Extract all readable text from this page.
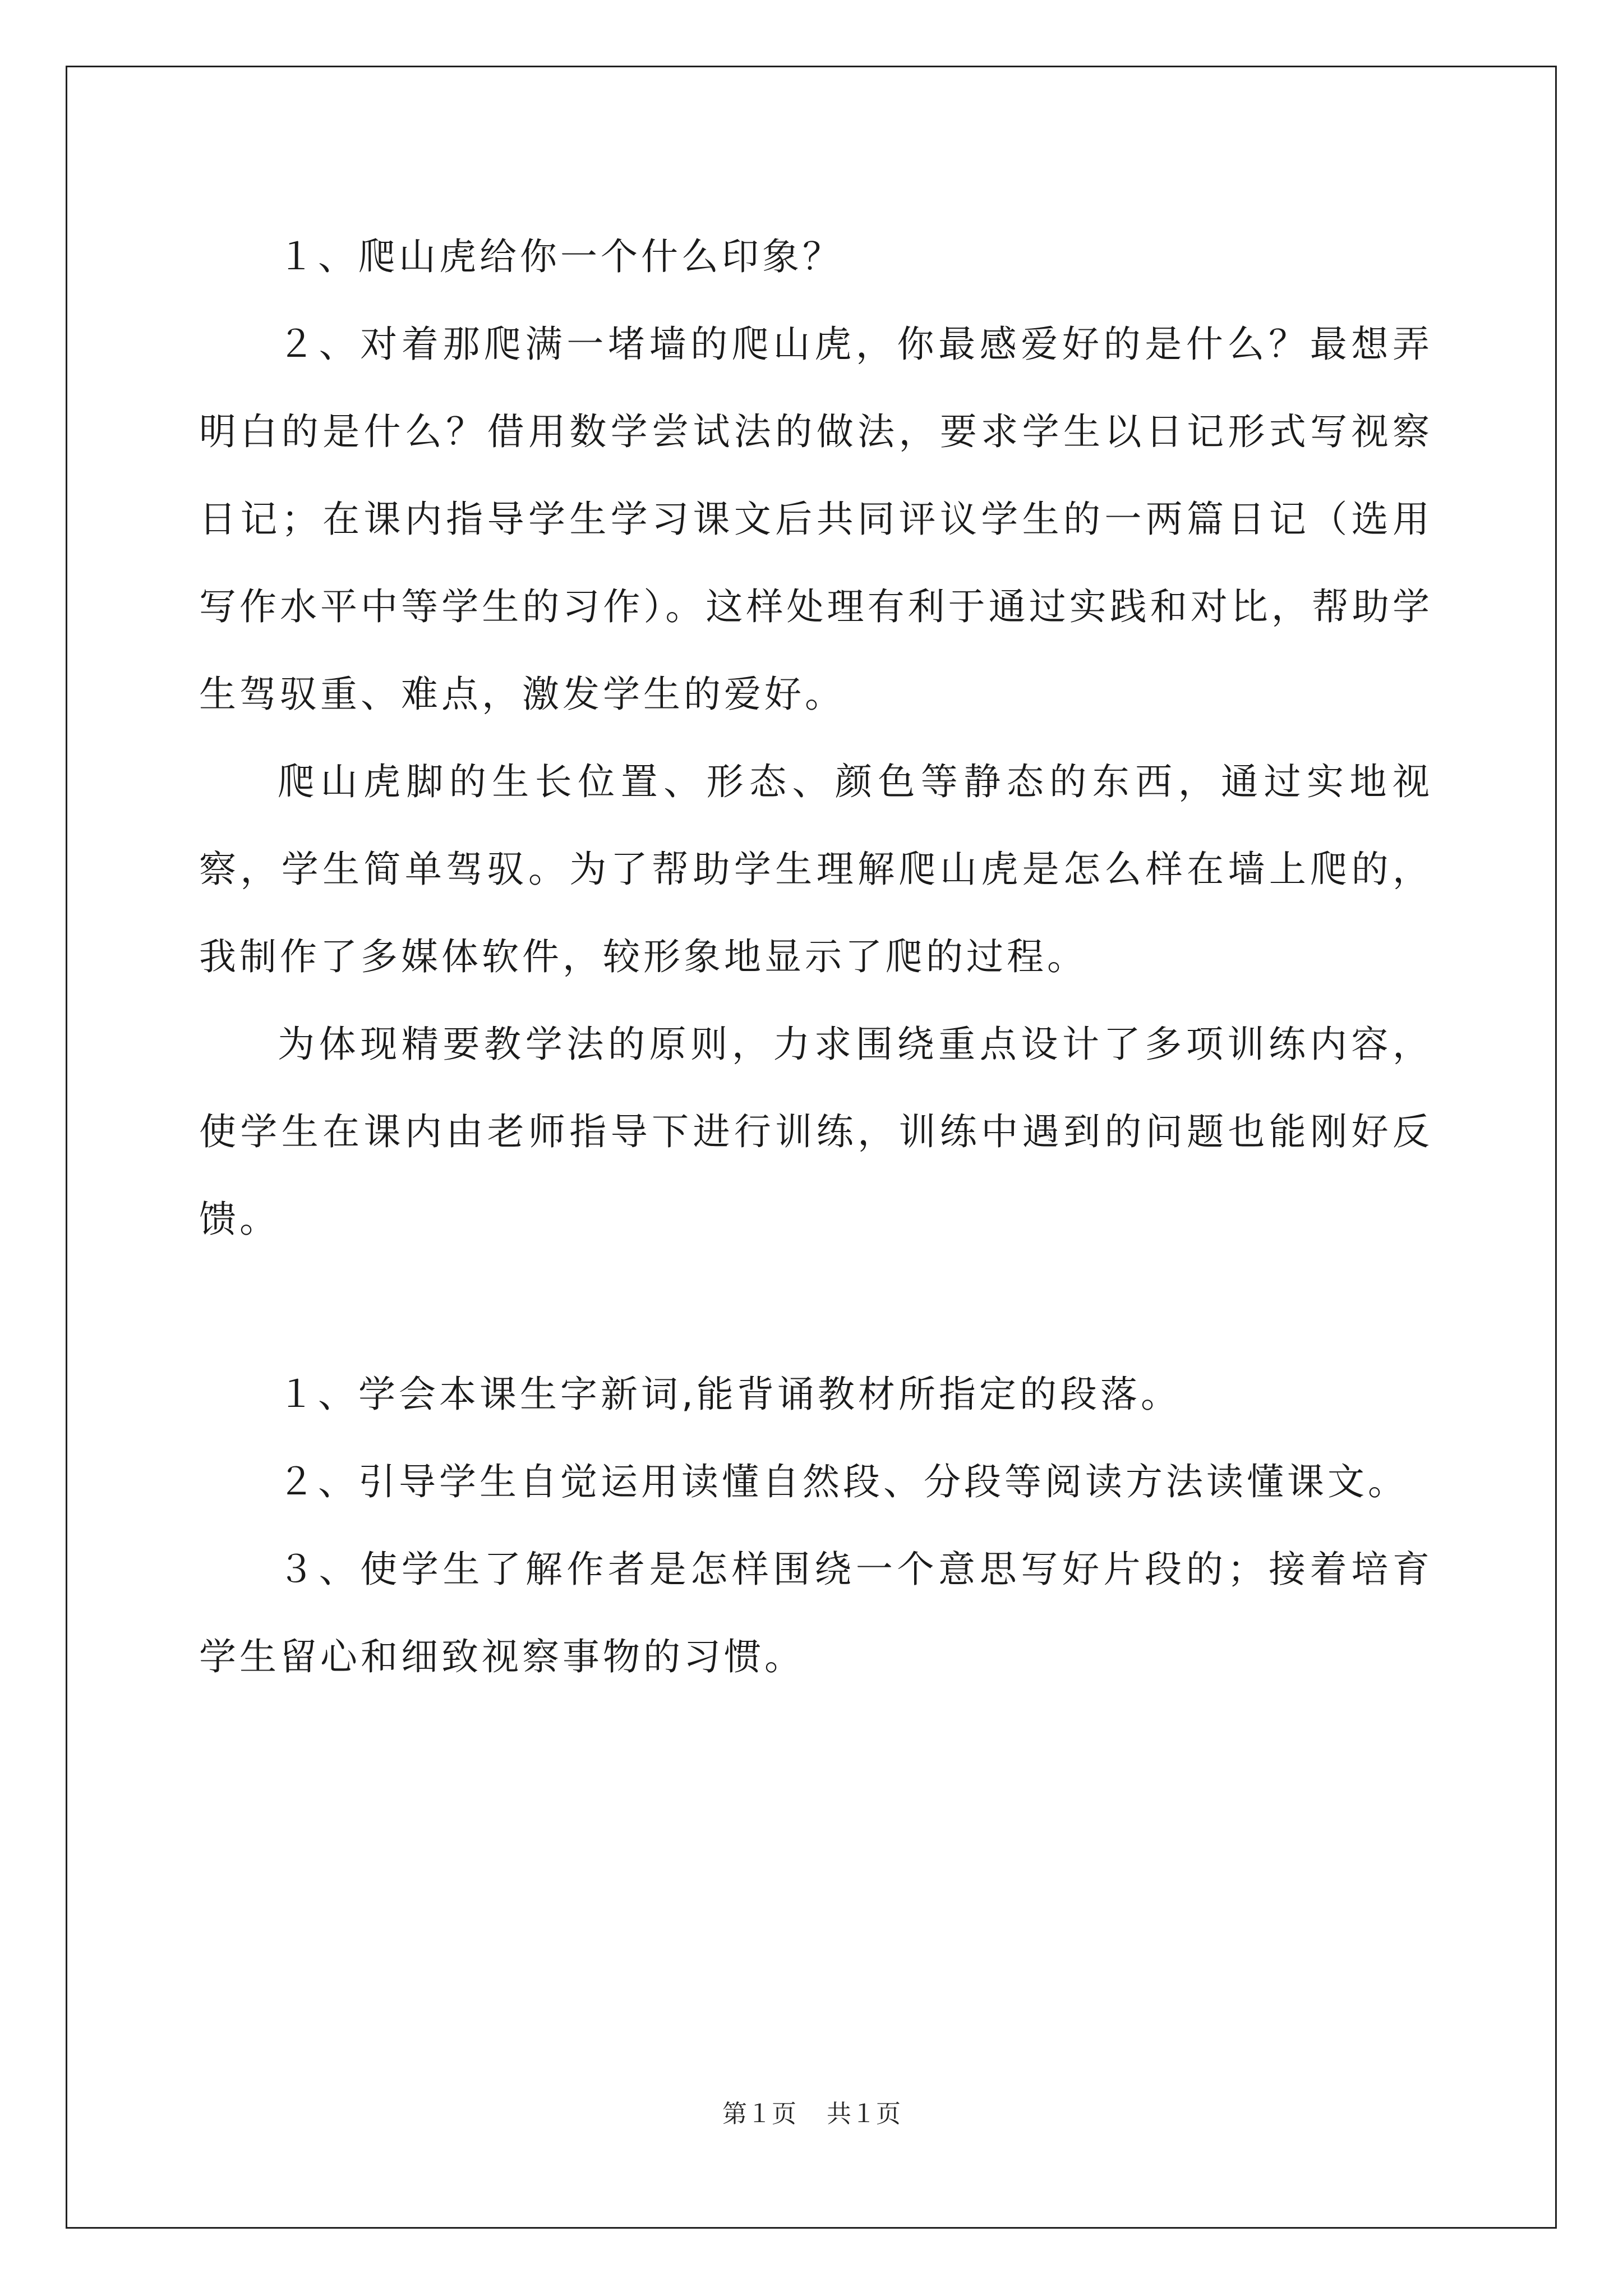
１、爬山虎给你一个什么印象？

２、对着那爬满一堵墙的爬山虎，你最感爱好的是什么？最想弄明白的是什么？借用数学尝试法的做法，要求学生以日记形式写视察日记；在课内指导学生学习课文后共同评议学生的一两篇日记（选用写作水平中等学生的习作）。这样处理有利于通过实践和对比，帮助学生驾驭重、难点，激发学生的爱好。

爬山虎脚的生长位置、形态、颜色等静态的东西，通过实地视察，学生简单驾驭。为了帮助学生理解爬山虎是怎么样在墙上爬的，我制作了多媒体软件，较形象地显示了爬的过程。

为体现精要教学法的原则，力求围绕重点设计了多项训练内容，使学生在课内由老师指导下进行训练，训练中遇到的问题也能刚好反馈。

１、学会本课生字新词,能背诵教材所指定的段落。

２、引导学生自觉运用读懂自然段、分段等阅读方法读懂课文。

３、使学生了解作者是怎样围绕一个意思写好片段的；接着培育学生留心和细致视察事物的习惯。

第１页 共１页
